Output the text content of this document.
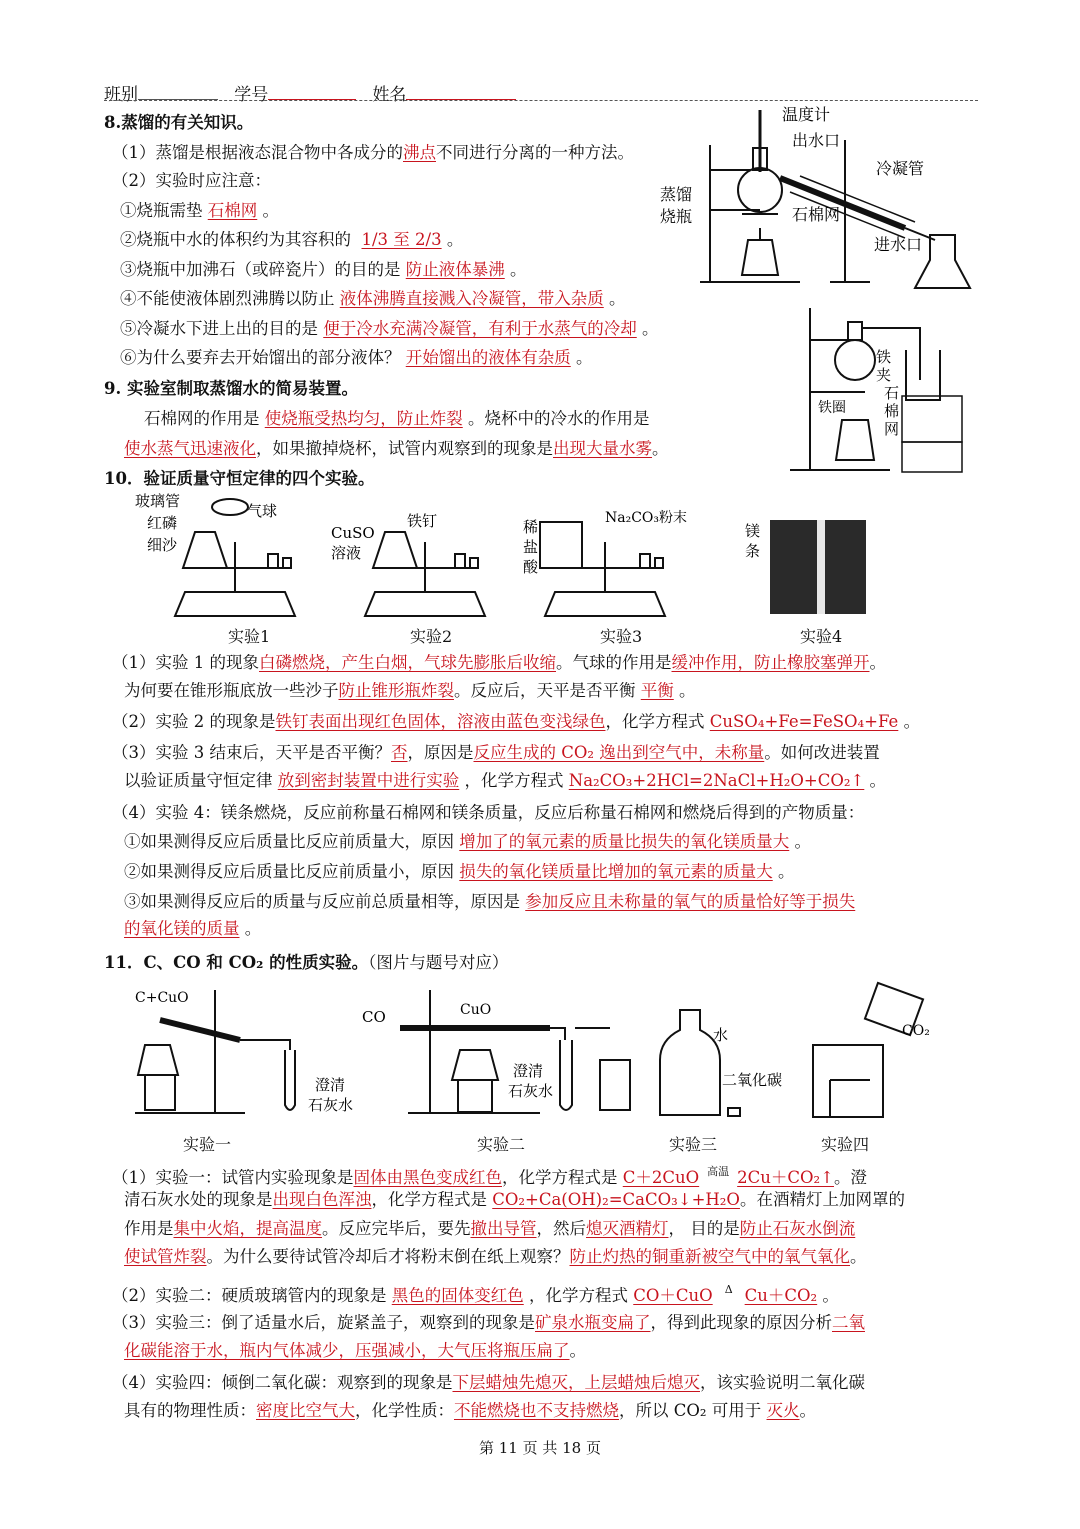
班别	学号	姓名
8.蒸馏的有关知识。
（1）蒸馏是根据液态混合物中各成分的沸点不同进行分离的一种方法。
（2）实验时应注意：
①烧瓶需垫 石棉网 。
②烧瓶中水的体积约为其容积的 1/3 至 2/3 。
③烧瓶中加沸石（或碎瓷片）的目的是 防止液体暴沸 。
④不能使液体剧烈沸腾以防止 液体沸腾直接溅入冷凝管，带入杂质 。
⑤冷凝水下进上出的目的是 便于冷水充满冷凝管，有利于水蒸气的冷却 。
⑥为什么要弃去开始馏出的部分液体？ 开始馏出的液体有杂质 。
温度计
出水口
冷凝管
蒸馏
烧瓶	石棉网
进水口
9. 实验室制取蒸馏水的简易装置。
石棉网的作用是 使烧瓶受热均匀，防止炸裂 。烧杯中的冷水的作用是
使水蒸气迅速液化，如果撤掉烧杯，试管内观察到的现象是出现大量水雾。
铁
夹
石
棉
网
铁圈
10．验证质量守恒定律的四个实验。
玻璃管
气球
红磷
细沙
CuSO
溶液
铁钉	稀
盐
酸
Na₂CO₃粉末
镁
条
实验1	实验2	实验3	实验4
（1）实验 1 的现象白磷燃烧，产生白烟，气球先膨胀后收缩。气球的作用是缓冲作用，防止橡胶塞弹开。
为何要在锥形瓶底放一些沙子防止锥形瓶炸裂。反应后，天平是否平衡 平衡 。
（2）实验 2 的现象是铁钉表面出现红色固体，溶液由蓝色变浅绿色，化学方程式 CuSO₄+Fe=FeSO₄+Fe 。
（3）实验 3 结束后，天平是否平衡？否，原因是反应生成的 CO₂ 逸出到空气中，未称量。如何改进装置
以验证质量守恒定律 放到密封装置中进行实验 ，化学方程式 Na₂CO₃+2HCl=2NaCl+H₂O+CO₂↑ 。
（4）实验 4：镁条燃烧，反应前称量石棉网和镁条质量，反应后称量石棉网和燃烧后得到的产物质量：
①如果测得反应后质量比反应前质量大，原因 增加了的氧元素的质量比损失的氧化镁质量大 。
②如果测得反应后质量比反应前质量小，原因 损失的氧化镁质量比增加的氧元素的质量大 。
③如果测得反应后的质量与反应前总质量相等，原因是 参加反应且未称量的氧气的质量恰好等于损失
的氧化镁的质量 。
11．C、CO 和 CO₂ 的性质实验。（图片与题号对应）
C+CuO
澄清
石灰水
CO	CuO
澄清
石灰水
水
二氧化碳
CO₂
实验一	实验二	实验三	实验四
（1）实验一：试管内实验现象是固体由黑色变成红色，化学方程式是 C＋2CuO $^{高温}$ 2Cu＋CO₂↑。澄
清石灰水处的现象是出现白色浑浊，化学方程式是 CO₂+Ca(OH)₂=CaCO₃↓+H₂O。在酒精灯上加网罩的
作用是集中火焰，提高温度。反应完毕后，要先撤出导管，然后熄灭酒精灯， 目的是防止石灰水倒流
使试管炸裂。为什么要待试管冷却后才将粉末倒在纸上观察？防止灼热的铜重新被空气中的氧气氧化。
（2）实验二：硬质玻璃管内的现象是 黑色的固体变红色 ，化学方程式 CO＋CuO $^\Delta$ Cu＋CO₂ 。
（3）实验三：倒了适量水后，旋紧盖子，观察到的现象是矿泉水瓶变扁了，得到此现象的原因分析二氧
化碳能溶于水，瓶内气体减少，压强减小，大气压将瓶压扁了。
（4）实验四：倾倒二氧化碳：观察到的现象是下层蜡烛先熄灭，上层蜡烛后熄灭，该实验说明二氧化碳
具有的物理性质：密度比空气大，化学性质：不能燃烧也不支持燃烧，所以 CO₂ 可用于 灭火。
第 11 页 共 18 页
